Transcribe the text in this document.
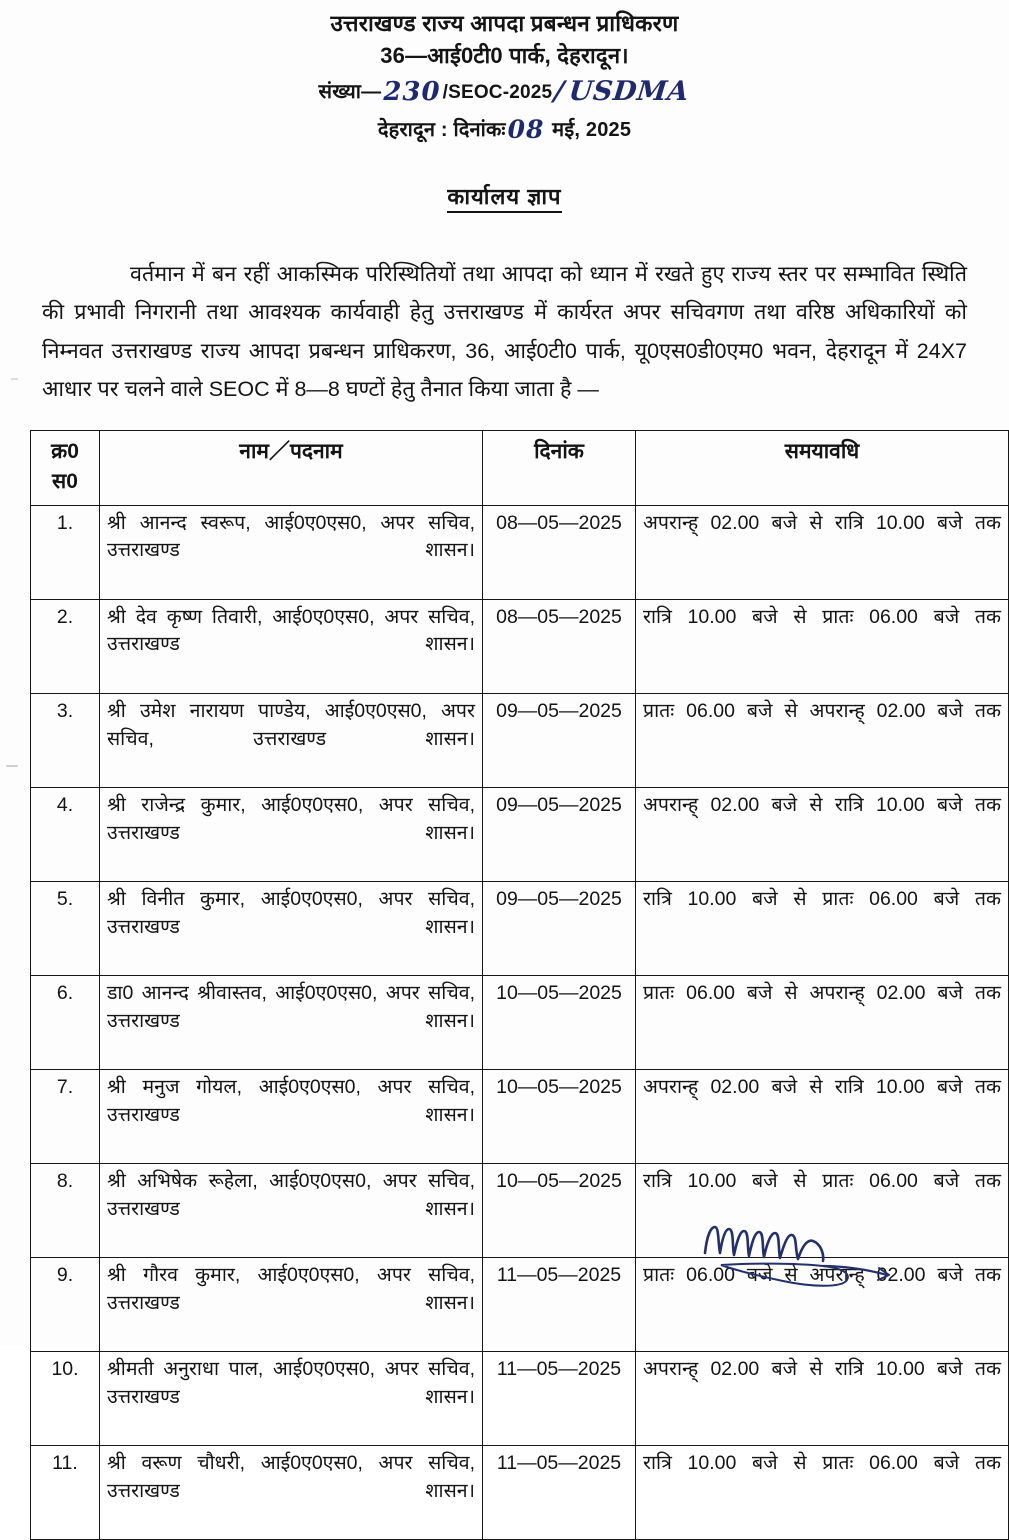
उत्तराखण्ड राज्य आपदा प्रबन्धन प्राधिकरण
36—आई0टी0 पार्क, देहरादून।
संख्या—230 /SEOC-2025/USDMA
देहरादून : दिनांकः08 मई, 2025
कार्यालय ज्ञाप
वर्तमान में बन रहीं आकस्मिक परिस्थितियों तथा आपदा को ध्यान में रखते हुए राज्य स्तर पर सम्भावित स्थिति की प्रभावी निगरानी तथा आवश्यक कार्यवाही हेतु उत्तराखण्ड में कार्यरत अपर सचिवगण तथा वरिष्ठ अधिकारियों को निम्नवत उत्तराखण्ड राज्य आपदा प्रबन्धन प्राधिकरण, 36, आई0टी0 पार्क, यू0एस0डी0एम0 भवन, देहरादून में 24X7 आधार पर चलने वाले SEOC में 8—8 घण्टों हेतु तैनात किया जाता है —
क्र0
स0	नाम／पदनाम	दिनांक	समयावधि
1.	श्री आनन्द स्वरूप, आई0ए0एस0, अपर सचिव, उत्तराखण्ड शासन।	08—05—2025	अपरान्ह् 02.00 बजे से रात्रि 10.00 बजे तक
2.	श्री देव कृष्ण तिवारी, आई0ए0एस0, अपर सचिव, उत्तराखण्ड शासन।	08—05—2025	रात्रि 10.00 बजे से प्रातः 06.00 बजे तक
3.	श्री उमेश नारायण पाण्डेय, आई0ए0एस0, अपर सचिव, उत्तराखण्ड शासन।	09—05—2025	प्रातः 06.00 बजे से अपरान्ह् 02.00 बजे तक
4.	श्री राजेन्द्र कुमार, आई0ए0एस0, अपर सचिव, उत्तराखण्ड शासन।	09—05—2025	अपरान्ह् 02.00 बजे से रात्रि 10.00 बजे तक
5.	श्री विनीत कुमार, आई0ए0एस0, अपर सचिव, उत्तराखण्ड शासन।	09—05—2025	रात्रि 10.00 बजे से प्रातः 06.00 बजे तक
6.	डा0 आनन्द श्रीवास्तव, आई0ए0एस0, अपर सचिव, उत्तराखण्ड शासन।	10—05—2025	प्रातः 06.00 बजे से अपरान्ह् 02.00 बजे तक
7.	श्री मनुज गोयल, आई0ए0एस0, अपर सचिव, उत्तराखण्ड शासन।	10—05—2025	अपरान्ह् 02.00 बजे से रात्रि 10.00 बजे तक
8.	श्री अभिषेक रूहेला, आई0ए0एस0, अपर सचिव, उत्तराखण्ड शासन।	10—05—2025	रात्रि 10.00 बजे से प्रातः 06.00 बजे तक
9.	श्री गौरव कुमार, आई0ए0एस0, अपर सचिव, उत्तराखण्ड शासन।	11—05—2025	प्रातः 06.00 बजे से अपरान्ह् 02.00 बजे तक
10.	श्रीमती अनुराधा पाल, आई0ए0एस0, अपर सचिव, उत्तराखण्ड शासन।	11—05—2025	अपरान्ह् 02.00 बजे से रात्रि 10.00 बजे तक
11.	श्री वरूण चौधरी, आई0ए0एस0, अपर सचिव, उत्तराखण्ड शासन।	11—05—2025	रात्रि 10.00 बजे से प्रातः 06.00 बजे तक
